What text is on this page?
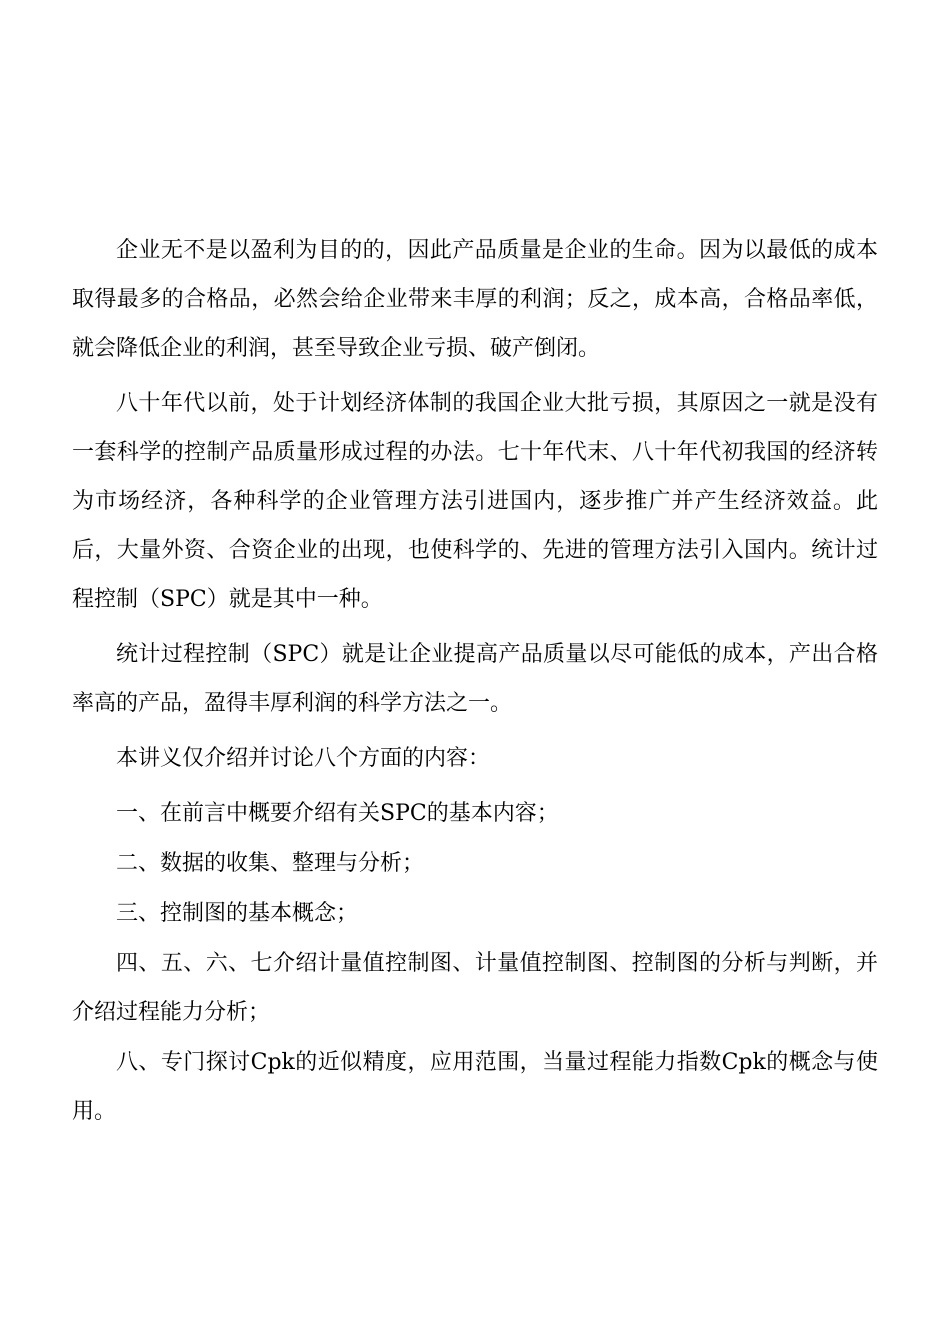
企业无不是以盈利为目的的，因此产品质量是企业的生命。因为以最低的成本取得最多的合格品，必然会给企业带来丰厚的利润；反之，成本高，合格品率低，就会降低企业的利润，甚至导致企业亏损、破产倒闭。

八十年代以前，处于计划经济体制的我国企业大批亏损，其原因之一就是没有一套科学的控制产品质量形成过程的办法。七十年代末、八十年代初我国的经济转为市场经济，各种科学的企业管理方法引进国内，逐步推广并产生经济效益。此后，大量外资、合资企业的出现，也使科学的、先进的管理方法引入国内。统计过程控制（SPC）就是其中一种。

统计过程控制（SPC）就是让企业提高产品质量以尽可能低的成本，产出合格率高的产品，盈得丰厚利润的科学方法之一。

本讲义仅介绍并讨论八个方面的内容：

一、在前言中概要介绍有关SPC的基本内容；

二、数据的收集、整理与分析；

三、控制图的基本概念；

四、五、六、七介绍计量值控制图、计量值控制图、控制图的分析与判断，并介绍过程能力分析；

八、专门探讨Cpk的近似精度，应用范围，当量过程能力指数Cpk的概念与使用。
